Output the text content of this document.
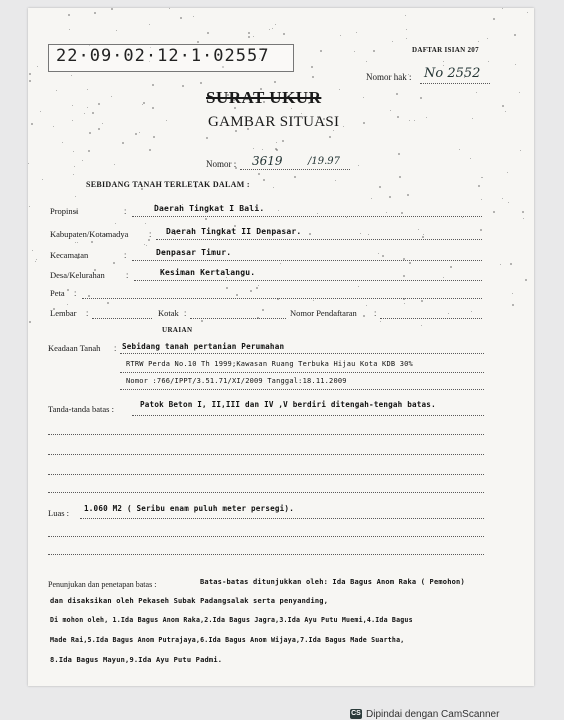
22·09·02·12·1·02557	DAFTAR ISIAN 207
Nomor hak : No 2552
SURAT UKUR
GAMBAR SITUASI
Nomor : 3619	/19.97
SEBIDANG TANAH TERLETAK DALAM :
Propinsi	:	Daerah Tingkat I Bali.
Kabupaten/Kotamadya : Daerah Tingkat II Denpasar.
Kecamatan	:	Denpasar Timur.
Desa/Kelurahan :	Kesiman Kertalangu.
Peta :
Lembar :	Kotak :	Nomor Pendaftaran :
URAIAN
Keadaan Tanah : Sebidang tanah pertanian Perumahan
RTRW Perda No.10 Th 1999;Kawasan Ruang Terbuka Hijau Kota KDB 30%
Nomor :766/IPPT/3.51.71/XI/2009 Tanggal:18.11.2009
Tanda-tanda batas :	Patok Beton I, II,III dan IV ,V berdiri ditengah-tengah batas.
Luas : 1.060 M2 ( Seribu enam puluh meter persegi).
Penunjukan dan penetapan batas :	Batas-batas ditunjukkan oleh: Ida Bagus Anom Raka ( Pemohon)
dan disaksikan oleh Pekaseh Subak Padangsalak serta penyanding,
Di mohon oleh, 1.Ida Bagus Anom Raka,2.Ida Bagus Jagra,3.Ida Ayu Putu Muemi,4.Ida Bagus
Made Rai,5.Ida Bagus Anom Putrajaya,6.Ida Bagus Anom Wijaya,7.Ida Bagus Made Suartha,
8.Ida Bagus Mayun,9.Ida Ayu Putu Padmi.
CS Dipindai dengan CamScanner
